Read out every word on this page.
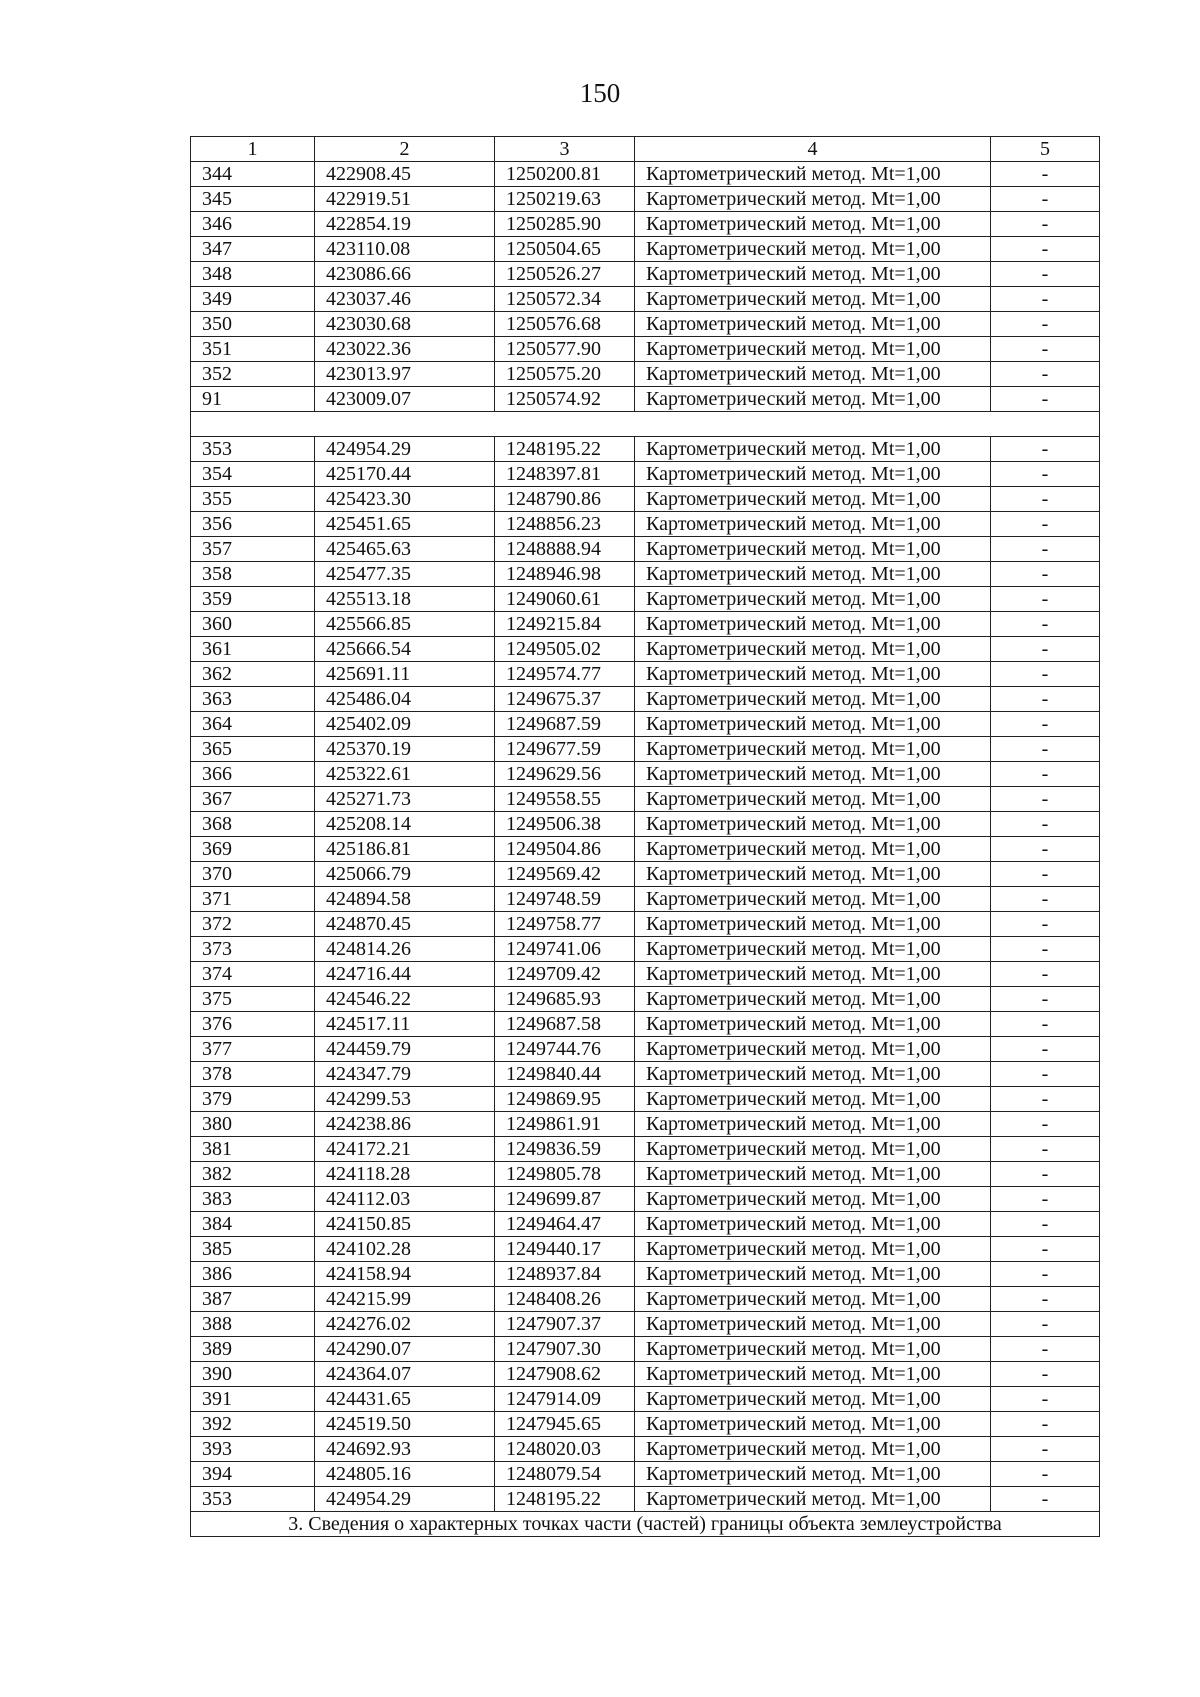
150
1	2	3	4	5
344	422908.45	1250200.81	Картометрический метод. Mt=1,00	-
345	422919.51	1250219.63	Картометрический метод. Mt=1,00	-
346	422854.19	1250285.90	Картометрический метод. Mt=1,00	-
347	423110.08	1250504.65	Картометрический метод. Mt=1,00	-
348	423086.66	1250526.27	Картометрический метод. Mt=1,00	-
349	423037.46	1250572.34	Картометрический метод. Mt=1,00	-
350	423030.68	1250576.68	Картометрический метод. Mt=1,00	-
351	423022.36	1250577.90	Картометрический метод. Mt=1,00	-
352	423013.97	1250575.20	Картометрический метод. Mt=1,00	-
91	423009.07	1250574.92	Картометрический метод. Mt=1,00	-

353	424954.29	1248195.22	Картометрический метод. Mt=1,00	-
354	425170.44	1248397.81	Картометрический метод. Mt=1,00	-
355	425423.30	1248790.86	Картометрический метод. Mt=1,00	-
356	425451.65	1248856.23	Картометрический метод. Mt=1,00	-
357	425465.63	1248888.94	Картометрический метод. Mt=1,00	-
358	425477.35	1248946.98	Картометрический метод. Mt=1,00	-
359	425513.18	1249060.61	Картометрический метод. Mt=1,00	-
360	425566.85	1249215.84	Картометрический метод. Mt=1,00	-
361	425666.54	1249505.02	Картометрический метод. Mt=1,00	-
362	425691.11	1249574.77	Картометрический метод. Mt=1,00	-
363	425486.04	1249675.37	Картометрический метод. Mt=1,00	-
364	425402.09	1249687.59	Картометрический метод. Mt=1,00	-
365	425370.19	1249677.59	Картометрический метод. Mt=1,00	-
366	425322.61	1249629.56	Картометрический метод. Mt=1,00	-
367	425271.73	1249558.55	Картометрический метод. Mt=1,00	-
368	425208.14	1249506.38	Картометрический метод. Mt=1,00	-
369	425186.81	1249504.86	Картометрический метод. Mt=1,00	-
370	425066.79	1249569.42	Картометрический метод. Mt=1,00	-
371	424894.58	1249748.59	Картометрический метод. Mt=1,00	-
372	424870.45	1249758.77	Картометрический метод. Mt=1,00	-
373	424814.26	1249741.06	Картометрический метод. Mt=1,00	-
374	424716.44	1249709.42	Картометрический метод. Mt=1,00	-
375	424546.22	1249685.93	Картометрический метод. Mt=1,00	-
376	424517.11	1249687.58	Картометрический метод. Mt=1,00	-
377	424459.79	1249744.76	Картометрический метод. Mt=1,00	-
378	424347.79	1249840.44	Картометрический метод. Mt=1,00	-
379	424299.53	1249869.95	Картометрический метод. Mt=1,00	-
380	424238.86	1249861.91	Картометрический метод. Mt=1,00	-
381	424172.21	1249836.59	Картометрический метод. Mt=1,00	-
382	424118.28	1249805.78	Картометрический метод. Mt=1,00	-
383	424112.03	1249699.87	Картометрический метод. Mt=1,00	-
384	424150.85	1249464.47	Картометрический метод. Mt=1,00	-
385	424102.28	1249440.17	Картометрический метод. Mt=1,00	-
386	424158.94	1248937.84	Картометрический метод. Mt=1,00	-
387	424215.99	1248408.26	Картометрический метод. Mt=1,00	-
388	424276.02	1247907.37	Картометрический метод. Mt=1,00	-
389	424290.07	1247907.30	Картометрический метод. Mt=1,00	-
390	424364.07	1247908.62	Картометрический метод. Mt=1,00	-
391	424431.65	1247914.09	Картометрический метод. Mt=1,00	-
392	424519.50	1247945.65	Картометрический метод. Mt=1,00	-
393	424692.93	1248020.03	Картометрический метод. Mt=1,00	-
394	424805.16	1248079.54	Картометрический метод. Mt=1,00	-
353	424954.29	1248195.22	Картометрический метод. Mt=1,00	-
3. Сведения о характерных точках части (частей) границы объекта землеустройства				
